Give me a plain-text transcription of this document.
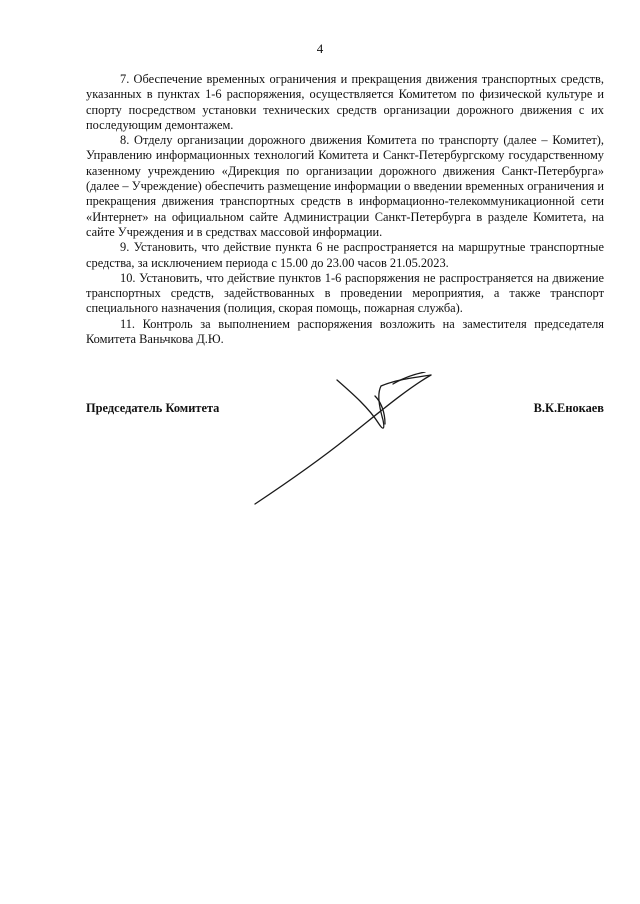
4

7. Обеспечение временных ограничения и прекращения движения транспортных средств, указанных в пунктах 1-6 распоряжения, осуществляется Комитетом по физической культуре и спорту посредством установки технических средств организации дорожного движения с их последующим демонтажем.

8. Отделу организации дорожного движения Комитета по транспорту (далее – Комитет), Управлению информационных технологий Комитета и Санкт-Петербургскому государственному казенному учреждению «Дирекция по организации дорожного движения Санкт-Петербурга» (далее – Учреждение) обеспечить размещение информации о введении временных ограничения и прекращения движения транспортных средств в информационно-телекоммуникационной сети «Интернет» на официальном сайте Администрации Санкт-Петербурга в разделе Комитета, на сайте Учреждения и в средствах массовой информации.

9. Установить, что действие пункта 6 не распространяется на маршрутные транспортные средства, за исключением периода с 15.00 до 23.00 часов 21.05.2023.

10. Установить, что действие пунктов 1-6 распоряжения не распространяется на движение транспортных средств, задействованных в проведении мероприятия, а также транспорт специального назначения (полиция, скорая помощь, пожарная служба).

11. Контроль за выполнением распоряжения возложить на заместителя председателя Комитета Ваньчкова Д.Ю.

Председатель Комитета	В.К.Енокаев
